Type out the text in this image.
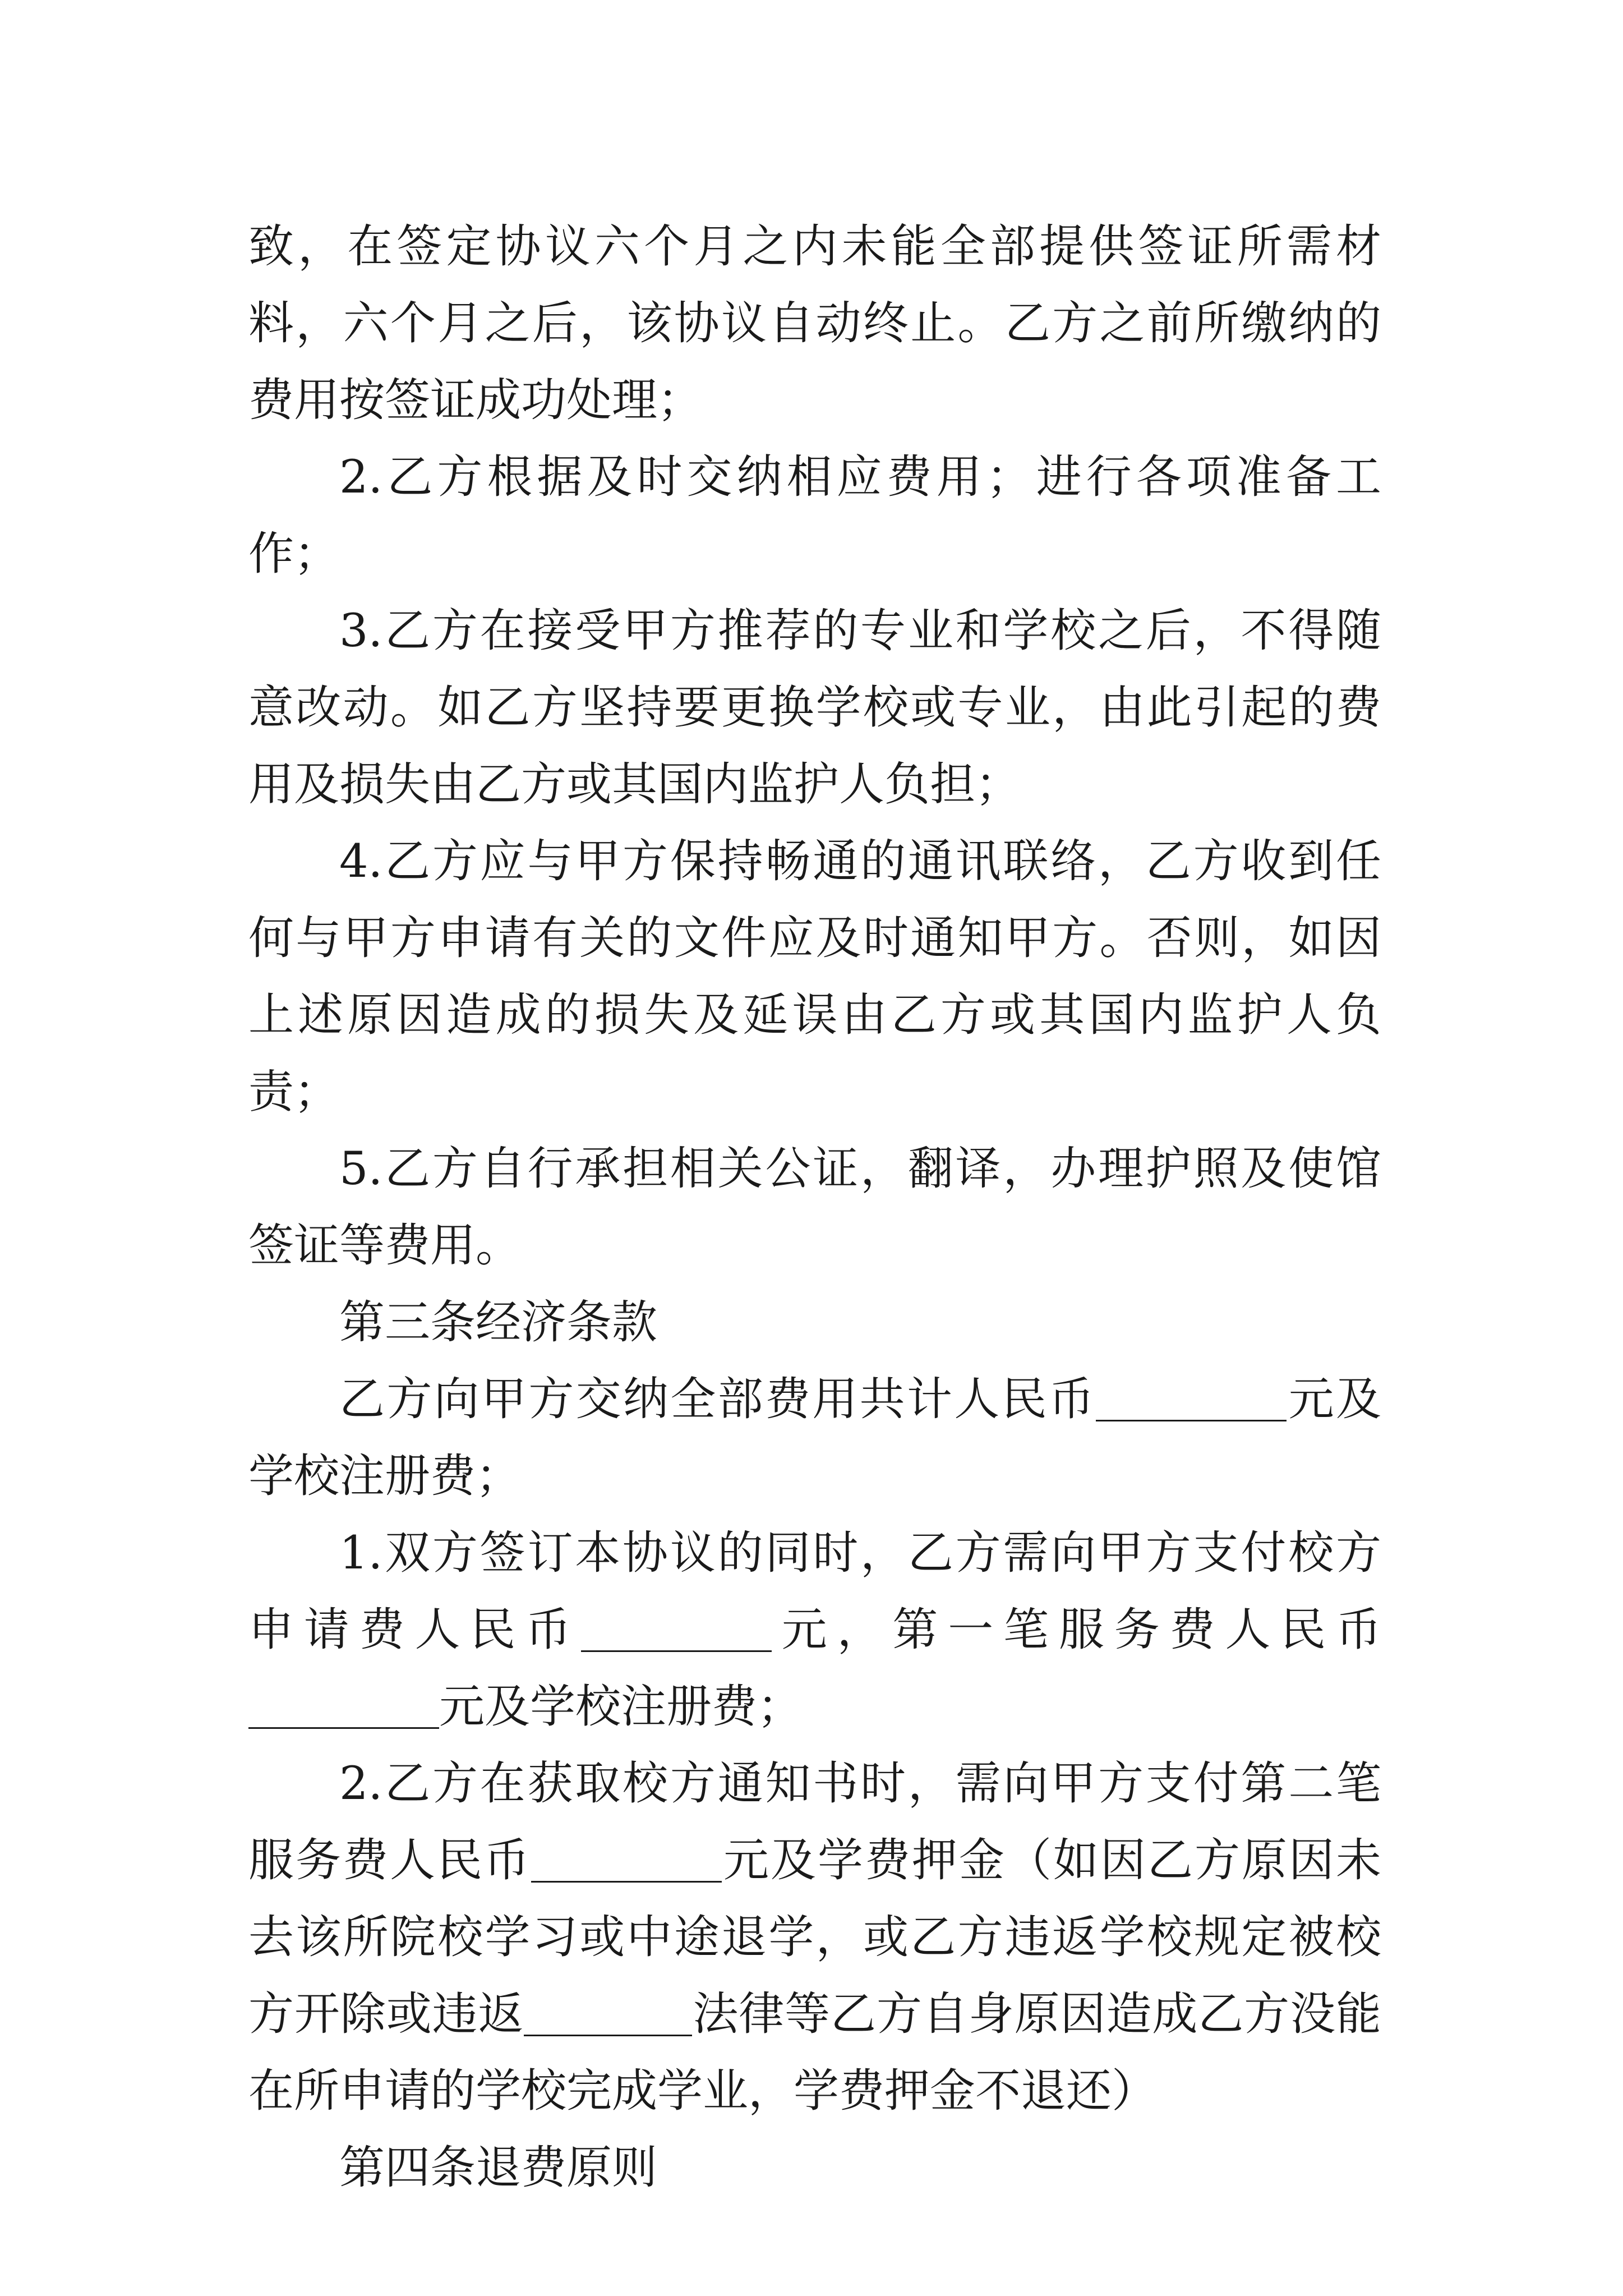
致，在签定协议六个月之内未能全部提供签证所需材料，六个月之后，该协议自动终止。乙方之前所缴纳的费用按签证成功处理；

2.乙方根据及时交纳相应费用；进行各项准备工作；

3.乙方在接受甲方推荐的专业和学校之后，不得随意改动。如乙方坚持要更换学校或专业，由此引起的费用及损失由乙方或其国内监护人负担；

4.乙方应与甲方保持畅通的通讯联络，乙方收到任何与甲方申请有关的文件应及时通知甲方。否则，如因上述原因造成的损失及延误由乙方或其国内监护人负责；

5.乙方自行承担相关公证，翻译，办理护照及使馆签证等费用。

第三条经济条款

乙方向甲方交纳全部费用共计人民币	元及学校注册费；

1.双方签订本协议的同时，乙方需向甲方支付校方申请费人民币	元，第一笔服务费人民币元及学校注册费；

2.乙方在获取校方通知书时，需向甲方支付第二笔服务费人民币	元及学费押金（如因乙方原因未去该所院校学习或中途退学，或乙方违返学校规定被校方开除或违返	法律等乙方自身原因造成乙方没能在所申请的学校完成学业，学费押金不退还）

第四条退费原则
